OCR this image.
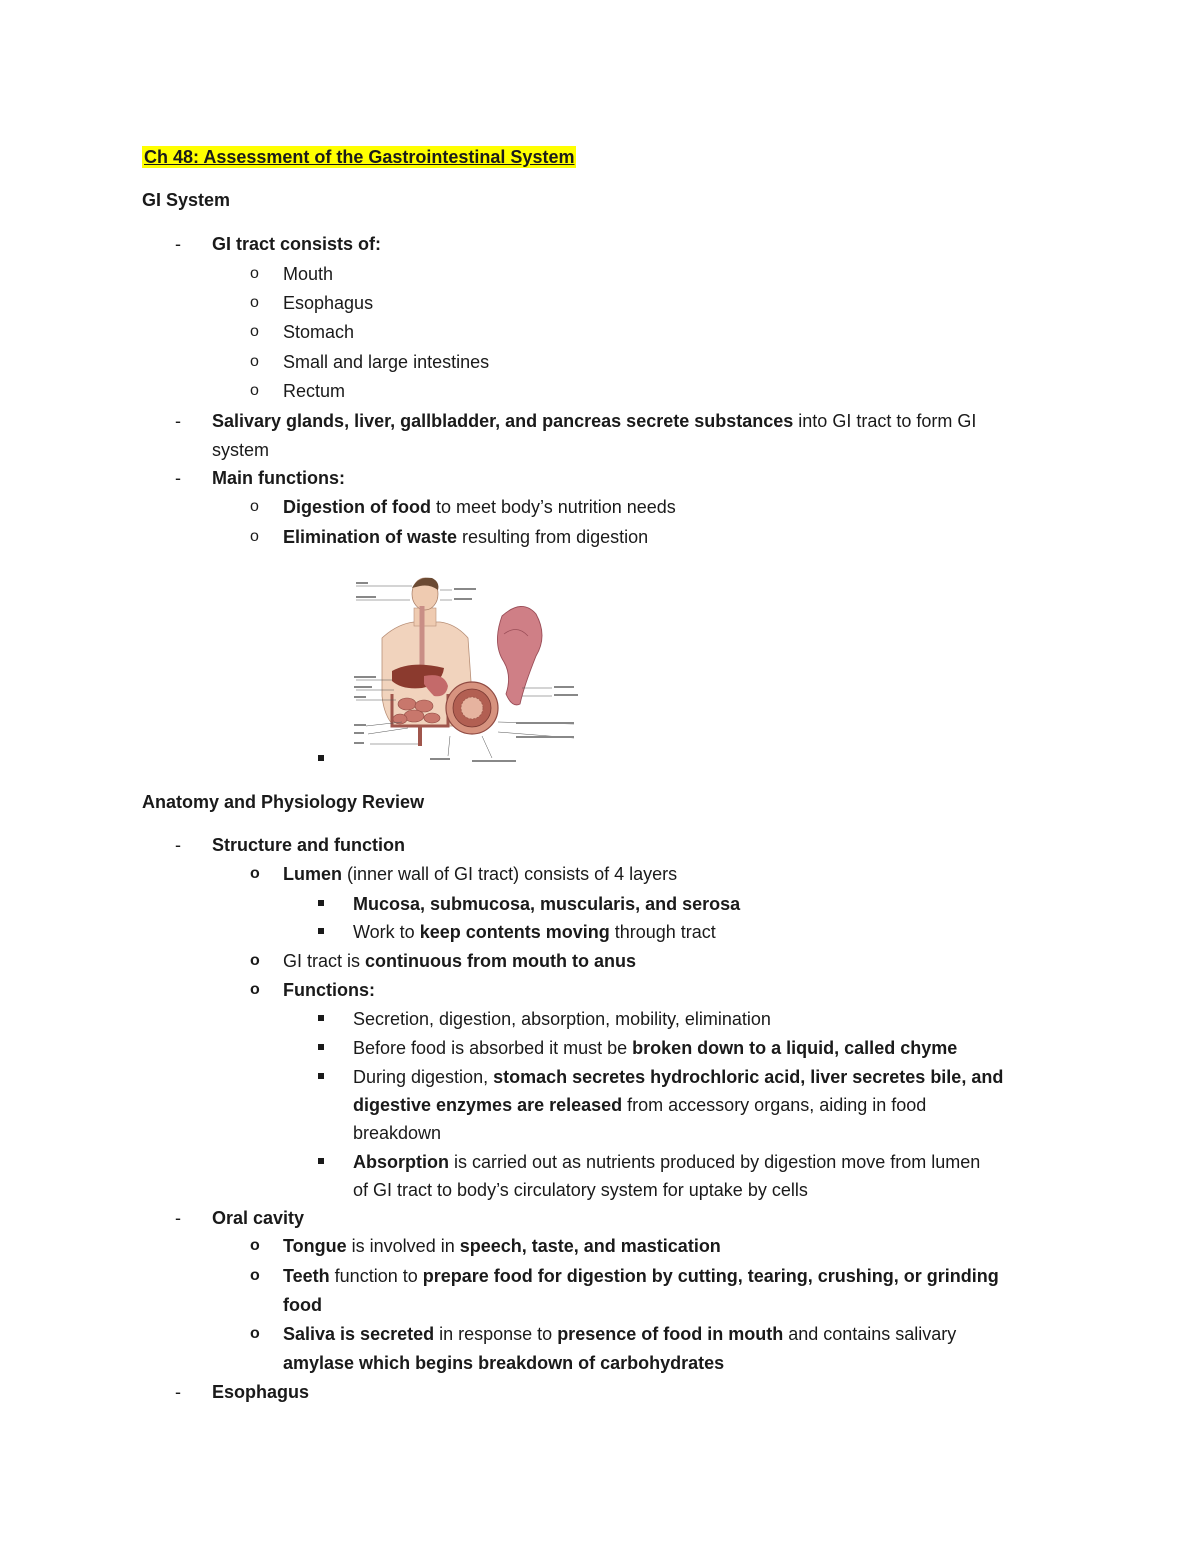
Ch 48: Assessment of the Gastrointestinal System
GI System
- GI tract consists of:
o Mouth
o Esophagus
o Stomach
o Small and large intestines
o Rectum
- Salivary glands, liver, gallbladder, and pancreas secrete substances into GI tract to form GI
system
- Main functions:
o Digestion of food to meet body’s nutrition needs
o Elimination of waste resulting from digestion
Anatomy and Physiology Review
- Structure and function
o Lumen (inner wall of GI tract) consists of 4 layers
Mucosa, submucosa, muscularis, and serosa
Work to keep contents moving through tract
o GI tract is continuous from mouth to anus
o Functions:
Secretion, digestion, absorption, mobility, elimination
Before food is absorbed it must be broken down to a liquid, called chyme
During digestion, stomach secretes hydrochloric acid, liver secretes bile, and
digestive enzymes are released from accessory organs, aiding in food
breakdown
Absorption is carried out as nutrients produced by digestion move from lumen
of GI tract to body’s circulatory system for uptake by cells
- Oral cavity
o Tongue is involved in speech, taste, and mastication
o Teeth function to prepare food for digestion by cutting, tearing, crushing, or grinding
food
o Saliva is secreted in response to presence of food in mouth and contains salivary
amylase which begins breakdown of carbohydrates
- Esophagus
